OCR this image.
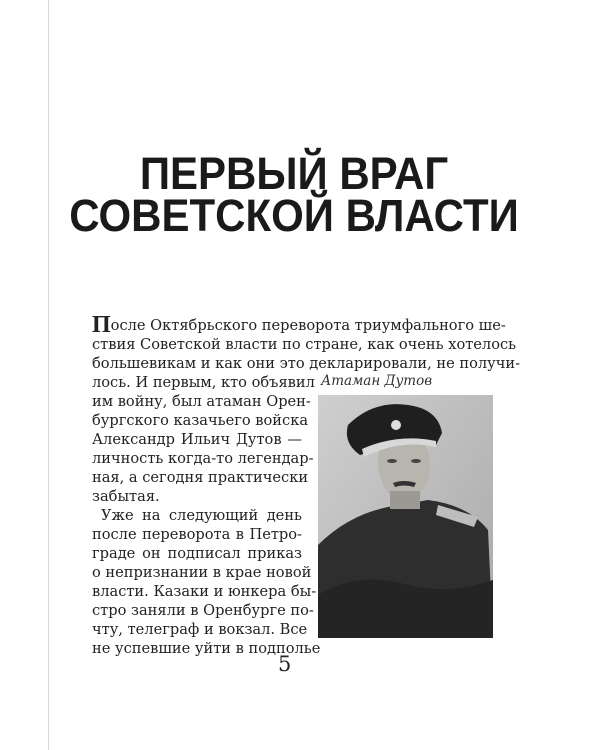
ПЕРВЫЙ ВРАГ
СОВЕТСКОЙ ВЛАСТИ
После Октябрьского переворота триумфального ше-
ствия Советской власти по стране, как очень хотелось
большевикам и как они это декларировали, не получи-
лось. И первым, кто объявил
им войну, был атаман Орен-
бургского казачьего войска
Александр Ильич Дутов —
личность когда-то легендар-
ная, а сегодня практически
забытая.
Уже на следующий день
после переворота в Петро-
граде он подписал приказ
о непризнании в крае новой
власти. Казаки и юнкера бы-
стро заняли в Оренбурге по-
чту, телеграф и вокзал. Все
не успевшие уйти в подполье
Атаман Дутов
5
